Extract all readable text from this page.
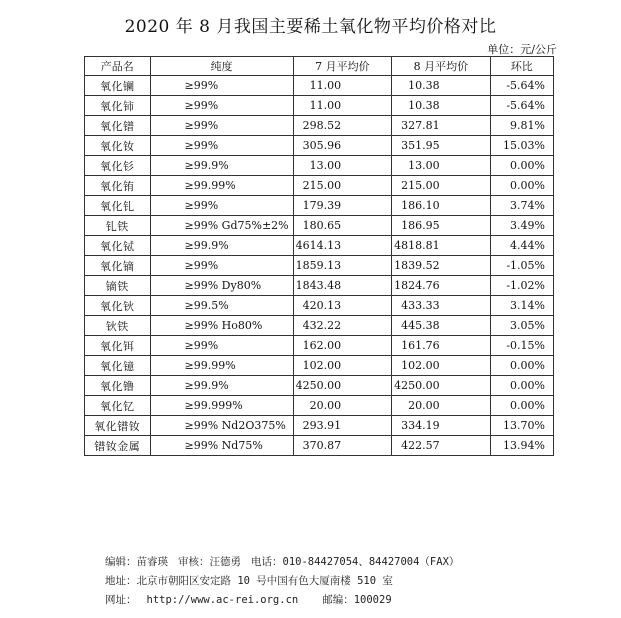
2020 年 8 月我国主要稀土氧化物平均价格对比
单位：元/公斤
产品名	纯度	7 月平均价	8 月平均价	环比
氧化镧	≥99%	11.00	10.38	-5.64%
氧化铈	≥99%	11.00	10.38	-5.64%
氧化镨	≥99%	298.52	327.81	9.81%
氧化钕	≥99%	305.96	351.95	15.03%
氧化钐	≥99.9%	13.00	13.00	0.00%
氧化铕	≥99.99%	215.00	215.00	0.00%
氧化钆	≥99%	179.39	186.10	3.74%
钆铁	≥99% Gd75%±2%	180.65	186.95	3.49%
氧化铽	≥99.9%	4614.13	4818.81	4.44%
氧化镝	≥99%	1859.13	1839.52	-1.05%
镝铁	≥99% Dy80%	1843.48	1824.76	-1.02%
氧化钬	≥99.5%	420.13	433.33	3.14%
钬铁	≥99% Ho80%	432.22	445.38	3.05%
氧化铒	≥99%	162.00	161.76	-0.15%
氧化镱	≥99.99%	102.00	102.00	0.00%
氧化镥	≥99.9%	4250.00	4250.00	0.00%
氧化钇	≥99.999%	20.00	20.00	0.00%
氧化镨钕	≥99% Nd2O375%	293.91	334.19	13.70%
镨钕金属	≥99% Nd75%	370.87	422.57	13.94%
编辑：苗睿瑛 审核：汪德勇 电话：010-84427054、84427004（FAX）
地址：北京市朝阳区安定路 10 号中国有色大厦南楼 510 室
网址： http://www.ac-rei.org.cn 邮编：100029
